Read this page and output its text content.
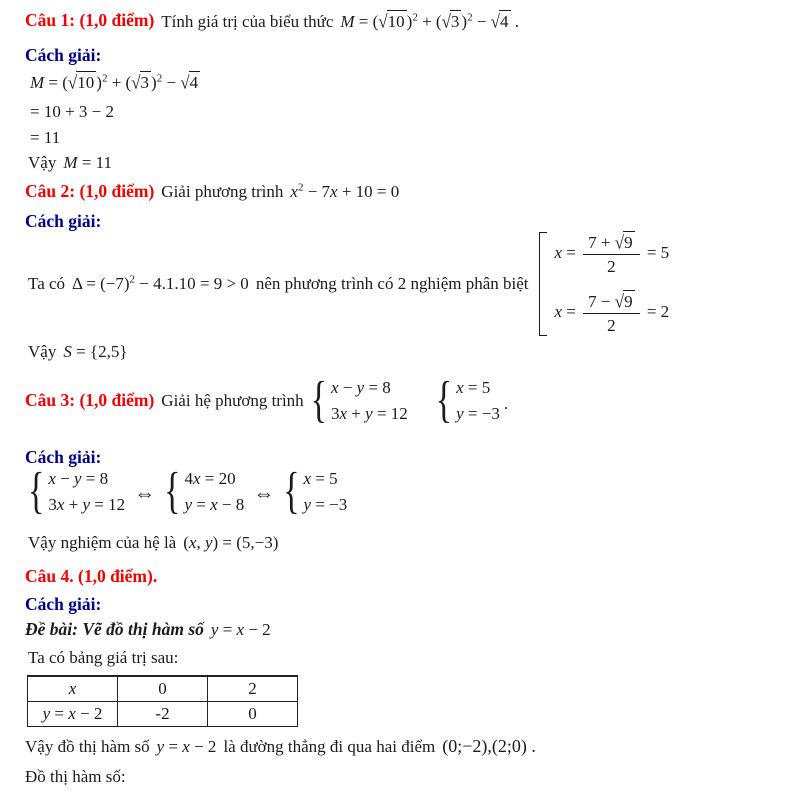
Câu 1: (1,0 điểm) Tính giá trị của biểu thức M = (√10 )$^2$ + (√3 )$^2$ − √4 .
Cách giải:
M = (√10 )$^2$ + (√3 )$^2$ − √4
= 10 + 3 − 2
= 11
Vậy M = 11
Câu 2: (1,0 điểm) Giải phương trình $x^2 - 7x + 10 = 0$
Cách giải:
Ta có $\Delta = (-7)^2 - 4.1.10 = 9 > 0$ nên phương trình có 2 nghiệm phân biệt
$x = \frac{7 + √9}{2} = 5$
$x = \frac{7 - √9}{2} = 2$
Vậy S = {2,5}
Câu 3: (1,0 điểm) Giải hệ phương trình { x − y = 8
3x + y = 12 { x = 5
y = −3
.
Cách giải:
{ x − y = 8
3x + y = 12
⇔ { 4x = 20
y = x − 8
⇔ { x = 5
y = −3
Vậy nghiệm của hệ là (x, y) = (5,−3)
Câu 4. (1,0 điểm).
Cách giải:
Đề bài: Vẽ đồ thị hàm số y = x − 2
Ta có bảng giá trị sau:
x	0	2
y = x − 2	-2	0
Vậy đồ thị hàm số y = x − 2 là đường thẳng đi qua hai điểm (0;−2),(2;0) .
Đồ thị hàm số:
